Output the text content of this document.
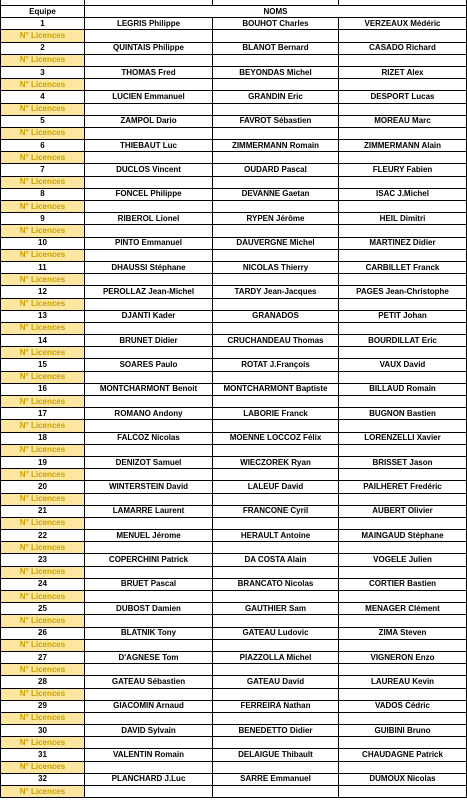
Equipe	NOMS		
1	LEGRIS Philippe	BOUHOT Charles	VERZEAUX Médéric
N° Licences			
2	QUINTAIS Philippe	BLANOT Bernard	CASADO Richard
N° Licences			
3	THOMAS Fred	BEYONDAS Michel	RIZET Alex
N° Licences			
4	LUCIEN Emmanuel	GRANDIN Eric	DESPORT Lucas
N° Licences			
5	ZAMPOL Dario	FAVROT Sébastien	MOREAU Marc
N° Licences			
6	THIEBAUT Luc	ZIMMERMANN Romain	ZIMMERMANN Alain
N° Licences			
7	DUCLOS Vincent	OUDARD Pascal	FLEURY Fabien
N° Licences			
8	FONCEL Philippe	DEVANNE Gaetan	ISAC J.Michel
N° Licences			
9	RIBEROL Lionel	RYPEN Jérôme	HEIL Dimitri
N° Licences			
10	PINTO Emmanuel	DAUVERGNE Michel	MARTINEZ Didier
N° Licences			
11	DHAUSSI Stéphane	NICOLAS Thierry	CARBILLET Franck
N° Licences			
12	PEROLLAZ Jean-Michel	TARDY Jean-Jacques	PAGES Jean-Christophe
N° Licences			
13	DJANTI Kader	GRANADOS	PETIT Johan
N° Licences			
14	BRUNET Didier	CRUCHANDEAU Thomas	BOURDILLAT Eric
N° Licences			
15	SOARES Paulo	ROTAT J.François	VAUX David
N° Licences			
16	MONTCHARMONT Benoit	MONTCHARMONT Baptiste	BILLAUD Romain
N° Licences			
17	ROMANO Andony	LABORIE Franck	BUGNON Bastien
N° Licences			
18	FALCOZ Nicolas	MOENNE LOCCOZ Félix	LORENZELLI Xavier
N° Licences			
19	DENIZOT Samuel	WIECZOREK Ryan	BRISSET Jason
N° Licences			
20	WINTERSTEIN David	LALEUF David	PAILHERET Fredéric
N° Licences			
21	LAMARRE Laurent	FRANCONE Cyril	AUBERT Olivier
N° Licences			
22	MENUEL Jérome	HERAULT Antoine	MAINGAUD Stéphane
N° Licences			
23	COPERCHINI Patrick	DA COSTA Alain	VOGELE Julien
N° Licences			
24	BRUET Pascal	BRANCATO Nicolas	CORTIER Bastien
N° Licences			
25	DUBOST Damien	GAUTHIER Sam	MENAGER Clément
N° Licences			
26	BLATNIK Tony	GATEAU Ludovic	ZIMA Steven
N° Licences			
27	D'AGNESE Tom	PIAZZOLLA Michel	VIGNERON Enzo
N° Licences			
28	GATEAU Sébastien	GATEAU David	LAUREAU Kevin
N° Licences			
29	GIACOMIN Arnaud	FERREIRA Nathan	VADOS Cédric
N° Licences			
30	DAVID Sylvain	BENEDETTO Didier	GUIBINI Bruno
N° Licences			
31	VALENTIN Romain	DELAIGUE Thibault	CHAUDAGNE Patrick
N° Licences			
32	PLANCHARD J.Luc	SARRE Emmanuel	DUMOUX Nicolas
N° Licences			
